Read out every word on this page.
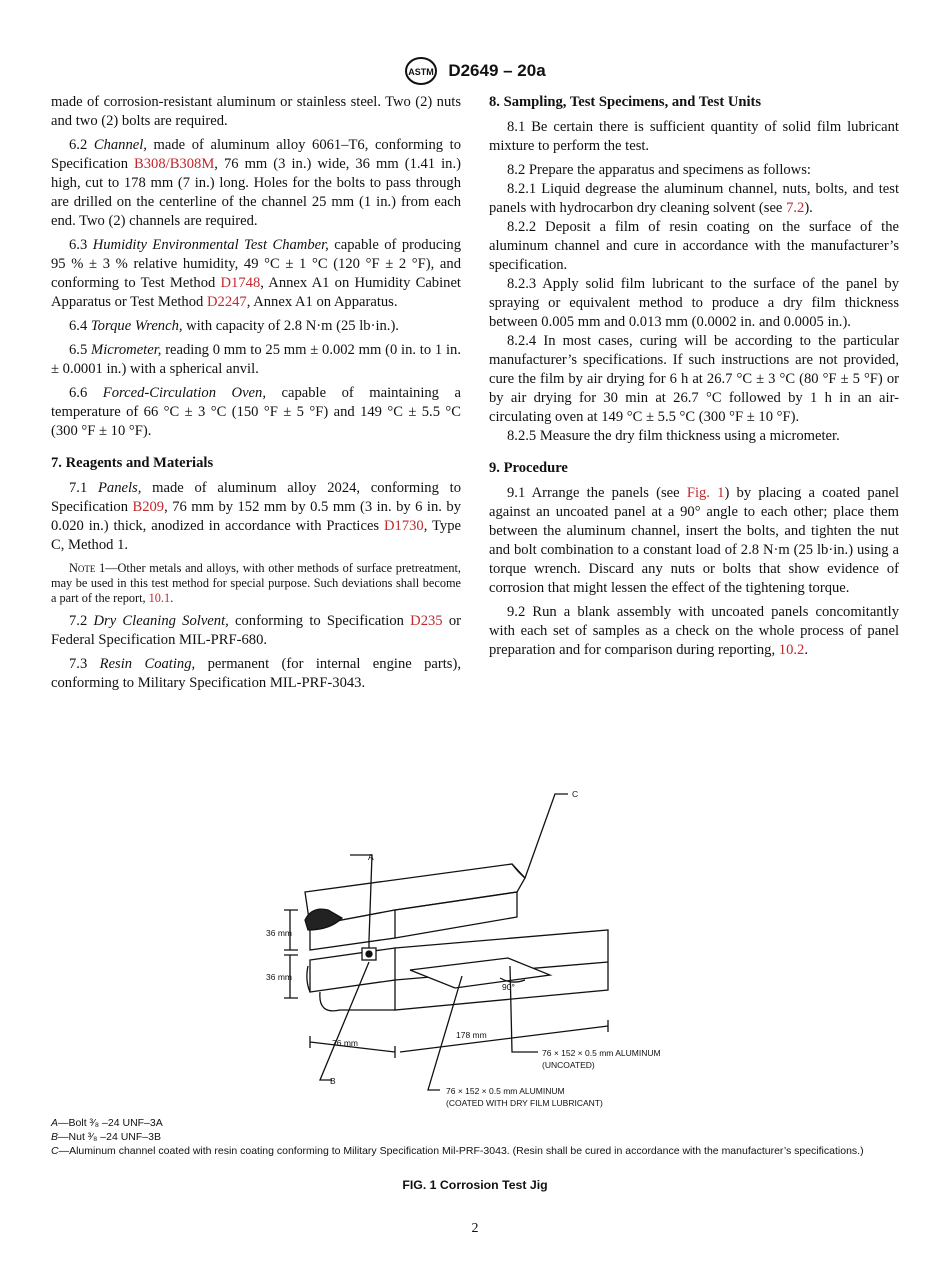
ASTM D2649 – 20a

made of corrosion-resistant aluminum or stainless steel. Two (2) nuts and two (2) bolts are required.

6.2 Channel, made of aluminum alloy 6061–T6, conforming to Specification B308/B308M, 76 mm (3 in.) wide, 36 mm (1.41 in.) high, cut to 178 mm (7 in.) long. Holes for the bolts to pass through are drilled on the centerline of the channel 25 mm (1 in.) from each end. Two (2) channels are required.

6.3 Humidity Environmental Test Chamber, capable of producing 95 % ± 3 % relative humidity, 49 °C ± 1 °C (120 °F ± 2 °F), and conforming to Test Method D1748, Annex A1 on Humidity Cabinet Apparatus or Test Method D2247, Annex A1 on Apparatus.

6.4 Torque Wrench, with capacity of 2.8 N·m (25 lb·in.).

6.5 Micrometer, reading 0 mm to 25 mm ± 0.002 mm (0 in. to 1 in. ± 0.0001 in.) with a spherical anvil.

6.6 Forced-Circulation Oven, capable of maintaining a temperature of 66 °C ± 3 °C (150 °F ± 5 °F) and 149 °C ± 5.5 °C (300 °F ± 10 °F).

7. Reagents and Materials

7.1 Panels, made of aluminum alloy 2024, conforming to Specification B209, 76 mm by 152 mm by 0.5 mm (3 in. by 6 in. by 0.020 in.) thick, anodized in accordance with Practices D1730, Type C, Method 1.

Note 1—Other metals and alloys, with other methods of surface pretreatment, may be used in this test method for special purpose. Such deviations shall become a part of the report, 10.1.

7.2 Dry Cleaning Solvent, conforming to Specification D235 or Federal Specification MIL-PRF-680.

7.3 Resin Coating, permanent (for internal engine parts), conforming to Military Specification MIL-PRF-3043.

8. Sampling, Test Specimens, and Test Units

8.1 Be certain there is sufficient quantity of solid film lubricant mixture to perform the test.

8.2 Prepare the apparatus and specimens as follows:

8.2.1 Liquid degrease the aluminum channel, nuts, bolts, and test panels with hydrocarbon dry cleaning solvent (see 7.2).

8.2.2 Deposit a film of resin coating on the surface of the aluminum channel and cure in accordance with the manufacturer’s specification.

8.2.3 Apply solid film lubricant to the surface of the panel by spraying or equivalent method to produce a dry film thickness between 0.005 mm and 0.013 mm (0.0002 in. and 0.0005 in.).

8.2.4 In most cases, curing will be according to the particular manufacturer’s specifications. If such instructions are not provided, cure the film by air drying for 6 h at 26.7 °C ± 3 °C (80 °F ± 5 °F) or by air drying for 30 min at 26.7 °C followed by 1 h in an air-circulating oven at 149 °C ± 5.5 °C (300 °F ± 10 °F).

8.2.5 Measure the dry film thickness using a micrometer.

9. Procedure

9.1 Arrange the panels (see Fig. 1) by placing a coated panel against an uncoated panel at a 90° angle to each other; place them between the aluminum channel, insert the bolts, and tighten the nut and bolt combination to a constant load of 2.8 N·m (25 lb·in.) using a torque wrench. Discard any nuts or bolts that show evidence of corrosion that might lessen the effect of the tightening torque.

9.2 Run a blank assembly with uncoated panels concomitantly with each set of samples as a check on the whole process of panel preparation and for comparison during reporting, 10.2.

A
B
C
36 mm
36 mm
76 mm
178 mm
90°
76 × 152 × 0.5 mm ALUMINUM
(UNCOATED)
76 × 152 × 0.5 mm ALUMINUM
(COATED WITH DRY FILM LUBRICANT)

A—Bolt ³⁄₈ –24 UNF–3A

B—Nut ³⁄₈ –24 UNF–3B

C—Aluminum channel coated with resin coating conforming to Military Specification Mil-PRF-3043. (Resin shall be cured in accordance with the manufacturer’s specifications.)

FIG. 1 Corrosion Test Jig
2
